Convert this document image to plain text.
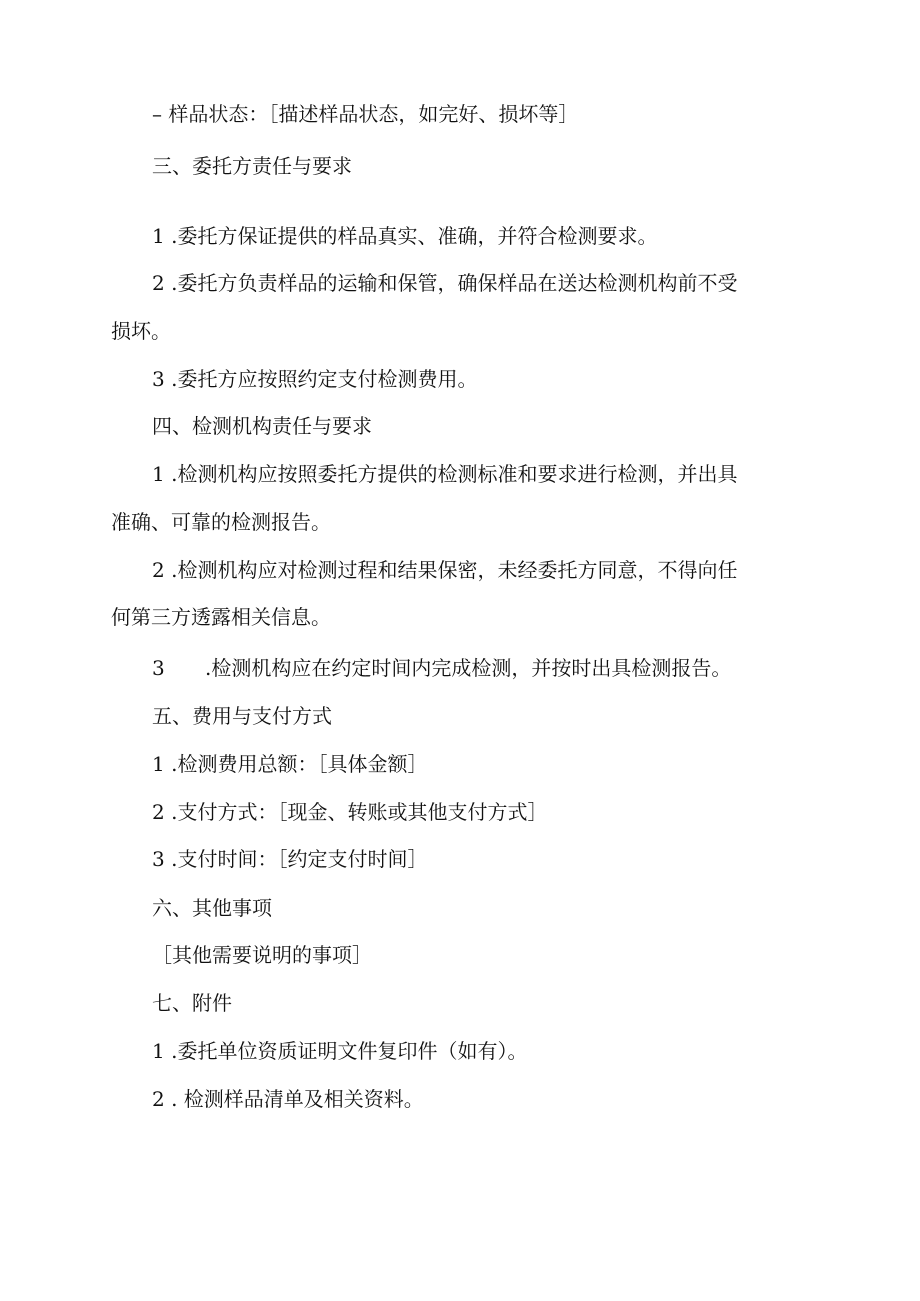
– 样品状态：［描述样品状态，如完好、损坏等］
三、委托方责任与要求
1 .委托方保证提供的样品真实、准确，并符合检测要求。
2 .委托方负责样品的运输和保管，确保样品在送达检测机构前不受
损坏。
3 .委托方应按照约定支付检测费用。
四、检测机构责任与要求
1 .检测机构应按照委托方提供的检测标准和要求进行检测，并出具
准确、可靠的检测报告。
2 .检测机构应对检测过程和结果保密，未经委托方同意，不得向任
何第三方透露相关信息。
3 .检测机构应在约定时间内完成检测，并按时出具检测报告。
五、费用与支付方式
1 .检测费用总额：［具体金额］
2 .支付方式：［现金、转账或其他支付方式］
3 .支付时间：［约定支付时间］
六、其他事项
［其他需要说明的事项］
七、附件
1 .委托单位资质证明文件复印件（如有）。
2 . 检测样品清单及相关资料。
